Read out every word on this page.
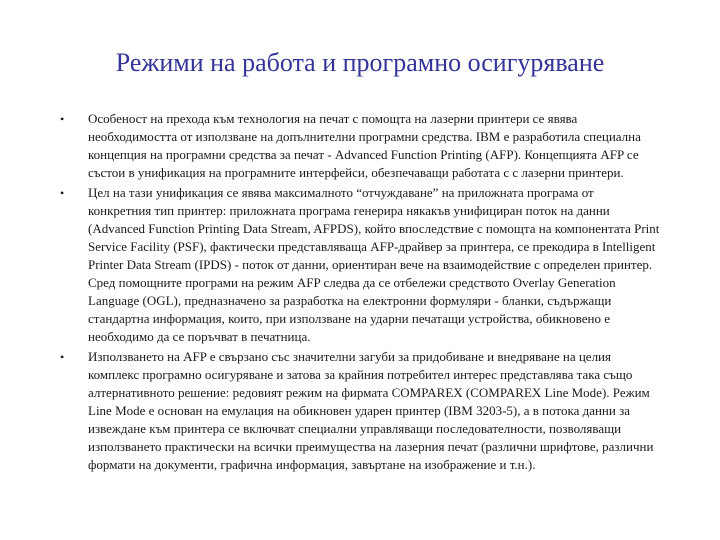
Режими на работа и програмно осигуряване
•	Особеност на прехода към технология на печат с помощта на лазерни принтери се явява необходимостта от използване на допълнителни програмни средства. IBM е разработила специална концепция на програмни средства за печат - Advanced Function Printing (AFP). Концепцията AFP се състои в унификация на програмните интерфейси, обезпечаващи работата с с лазерни принтери.
•	Цел на тази унификация се явява максималното “отчуждаване” на приложната програма от конкретния тип принтер: приложната програма генерира някакъв унифициран поток на данни (Advanced Function Printing Data Stream, AFPDS), който впоследствие с помощта на компонентата Print Service Facility (PSF), фактически представляваща AFP-драйвер за принтера, се прекодира в Intelligent Printer Data Stream (IPDS) - поток от данни, ориентиран вече на взаимодействие с определен принтер. Сред помощните програми на режим AFP следва да се отбележи средството Overlay Generation Language (OGL), предназначено за разработка на електронни формуляри - бланки, съдържащи стандартна информация, които, при използване на ударни печатащи устройства, обикновено е необходимо да се поръчват в печатница.
•	Използването на AFP е свързано със значителни загуби за придобиване и внедряване на целия комплекс програмно осигуряване и затова за крайния потребител интерес представлява така също алтернативното решение: редовият режим на фирмата COMPAREX (COMPAREX Line Mode). Режим Line Mode е основан на емулация на обикновен ударен принтер (IBM 3203-5), а в потока данни за извеждане към принтера се включват специални управляващи последователности, позволяващи използването практически на всички преимущества на лазерния печат (различни шрифтове, различни формати на документи, графична информация, завъртане на изображение и т.н.).
